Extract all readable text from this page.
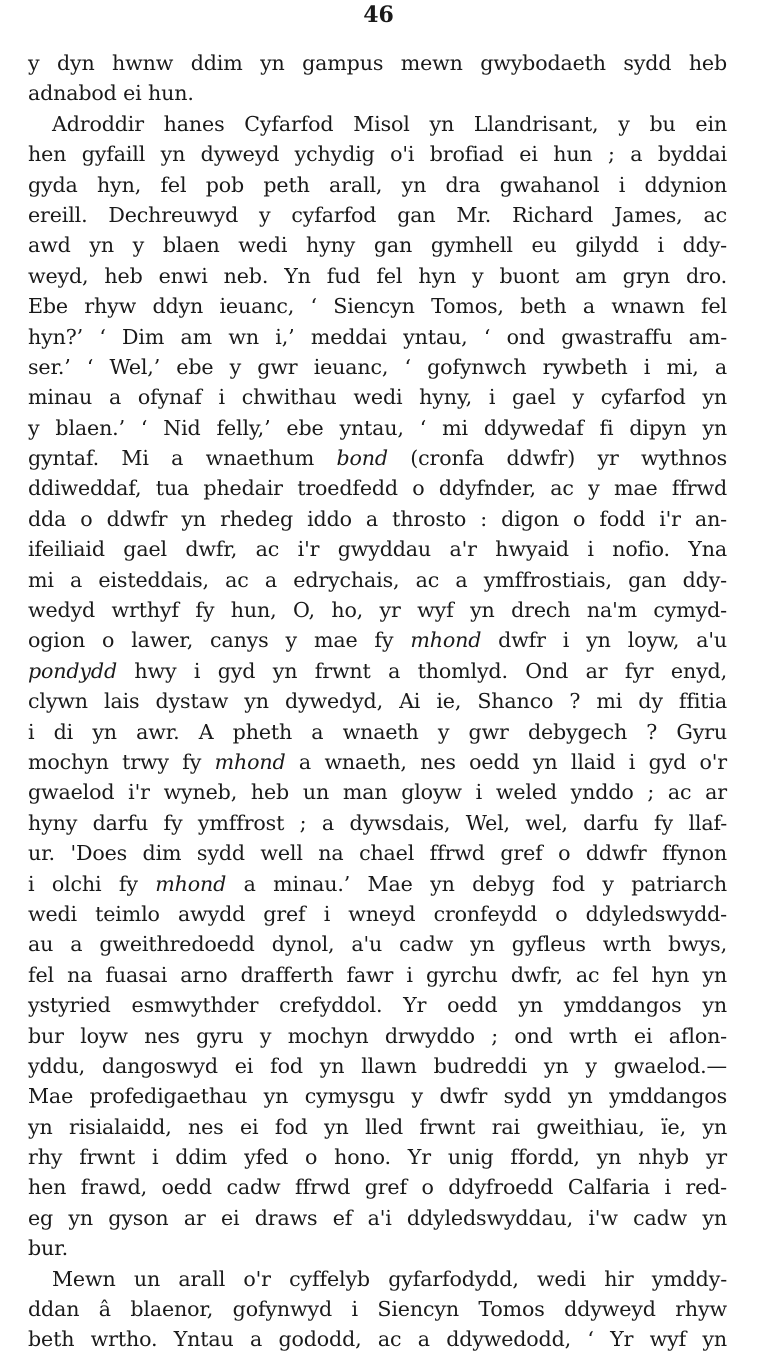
46
y dyn hwnw ddim yn gampus mewn gwybodaeth sydd heb
adnabod ei hun.
Adroddir hanes Cyfarfod Misol yn Llandrisant, y bu ein
hen gyfaill yn dyweyd ychydig o'i brofiad ei hun ; a byddai
gyda hyn, fel pob peth arall, yn dra gwahanol i ddynion
ereill. Dechreuwyd y cyfarfod gan Mr. Richard James, ac
awd yn y blaen wedi hyny gan gymhell eu gilydd i ddy-
weyd, heb enwi neb. Yn fud fel hyn y buont am gryn dro.
Ebe rhyw ddyn ieuanc, ‘ Siencyn Tomos, beth a wnawn fel
hyn?’ ‘ Dim am wn i,’ meddai yntau, ‘ ond gwastraffu am-
ser.’ ‘ Wel,’ ebe y gwr ieuanc, ‘ gofynwch rywbeth i mi, a
minau a ofynaf i chwithau wedi hyny, i gael y cyfarfod yn
y blaen.’ ‘ Nid felly,’ ebe yntau, ‘ mi ddywedaf fi dipyn yn
gyntaf. Mi a wnaethum bond (cronfa ddwfr) yr wythnos
ddiweddaf, tua phedair troedfedd o ddyfnder, ac y mae ffrwd
dda o ddwfr yn rhedeg iddo a throsto : digon o fodd i'r an-
ifeiliaid gael dwfr, ac i'r gwyddau a'r hwyaid i nofio. Yna
mi a eisteddais, ac a edrychais, ac a ymffrostiais, gan ddy-
wedyd wrthyf fy hun, O, ho, yr wyf yn drech na'm cymyd-
ogion o lawer, canys y mae fy mhond dwfr i yn loyw, a'u
pondydd hwy i gyd yn frwnt a thomlyd. Ond ar fyr enyd,
clywn lais dystaw yn dywedyd, Ai ie, Shanco ? mi dy ffitia
i di yn awr. A pheth a wnaeth y gwr debygech ? Gyru
mochyn trwy fy mhond a wnaeth, nes oedd yn llaid i gyd o'r
gwaelod i'r wyneb, heb un man gloyw i weled ynddo ; ac ar
hyny darfu fy ymffrost ; a dywsdais, Wel, wel, darfu fy llaf-
ur. 'Does dim sydd well na chael ffrwd gref o ddwfr ffynon
i olchi fy mhond a minau.’ Mae yn debyg fod y patriarch
wedi teimlo awydd gref i wneyd cronfeydd o ddyledswydd-
au a gweithredoedd dynol, a'u cadw yn gyfleus wrth bwys,
fel na fuasai arno drafferth fawr i gyrchu dwfr, ac fel hyn yn
ystyried esmwythder crefyddol. Yr oedd yn ymddangos yn
bur loyw nes gyru y mochyn drwyddo ; ond wrth ei aflon-
yddu, dangoswyd ei fod yn llawn budreddi yn y gwaelod.—
Mae profedigaethau yn cymysgu y dwfr sydd yn ymddangos
yn risialaidd, nes ei fod yn lled frwnt rai gweithiau, ïe, yn
rhy frwnt i ddim yfed o hono. Yr unig ffordd, yn nhyb yr
hen frawd, oedd cadw ffrwd gref o ddyfroedd Calfaria i red-
eg yn gyson ar ei draws ef a'i ddyledswyddau, i'w cadw yn
bur.
Mewn un arall o'r cyffelyb gyfarfodydd, wedi hir ymddy-
ddan â blaenor, gofynwyd i Siencyn Tomos ddyweyd rhyw
beth wrtho. Yntau a gododd, ac a ddywedodd, ‘ Yr wyf yn
